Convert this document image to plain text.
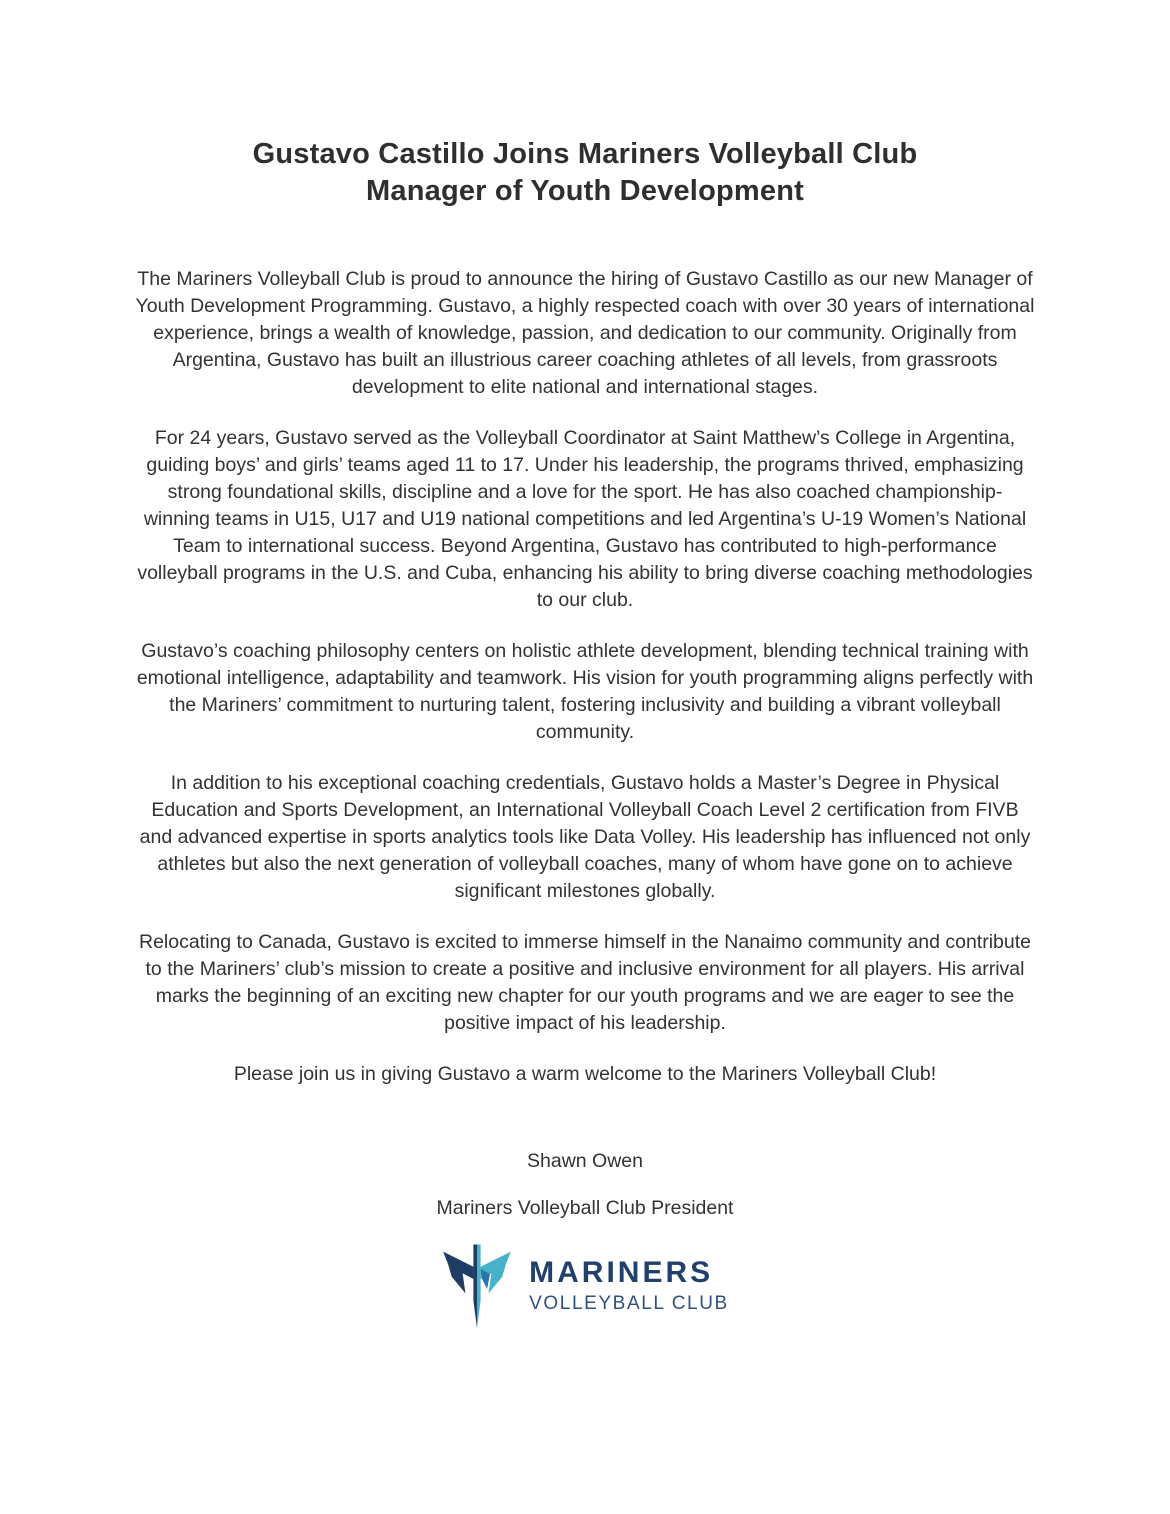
Gustavo Castillo Joins Mariners Volleyball Club
Manager of Youth Development

The Mariners Volleyball Club is proud to announce the hiring of Gustavo Castillo as our new Manager of Youth Development Programming. Gustavo, a highly respected coach with over 30 years of international experience, brings a wealth of knowledge, passion, and dedication to our community. Originally from Argentina, Gustavo has built an illustrious career coaching athletes of all levels, from grassroots development to elite national and international stages.

For 24 years, Gustavo served as the Volleyball Coordinator at Saint Matthew’s College in Argentina, guiding boys’ and girls’ teams aged 11 to 17. Under his leadership, the programs thrived, emphasizing strong foundational skills, discipline and a love for the sport. He has also coached championship-winning teams in U15, U17 and U19 national competitions and led Argentina’s U-19 Women’s National Team to international success. Beyond Argentina, Gustavo has contributed to high-performance volleyball programs in the U.S. and Cuba, enhancing his ability to bring diverse coaching methodologies to our club.

Gustavo’s coaching philosophy centers on holistic athlete development, blending technical training with emotional intelligence, adaptability and teamwork. His vision for youth programming aligns perfectly with the Mariners’ commitment to nurturing talent, fostering inclusivity and building a vibrant volleyball community.

In addition to his exceptional coaching credentials, Gustavo holds a Master’s Degree in Physical Education and Sports Development, an International Volleyball Coach Level 2 certification from FIVB and advanced expertise in sports analytics tools like Data Volley. His leadership has influenced not only athletes but also the next generation of volleyball coaches, many of whom have gone on to achieve significant milestones globally.

Relocating to Canada, Gustavo is excited to immerse himself in the Nanaimo community and contribute to the Mariners’ club’s mission to create a positive and inclusive environment for all players. His arrival marks the beginning of an exciting new chapter for our youth programs and we are eager to see the positive impact of his leadership.

Please join us in giving Gustavo a warm welcome to the Mariners Volleyball Club!

Shawn Owen

Mariners Volleyball Club President

MARINERS
VOLLEYBALL CLUB
